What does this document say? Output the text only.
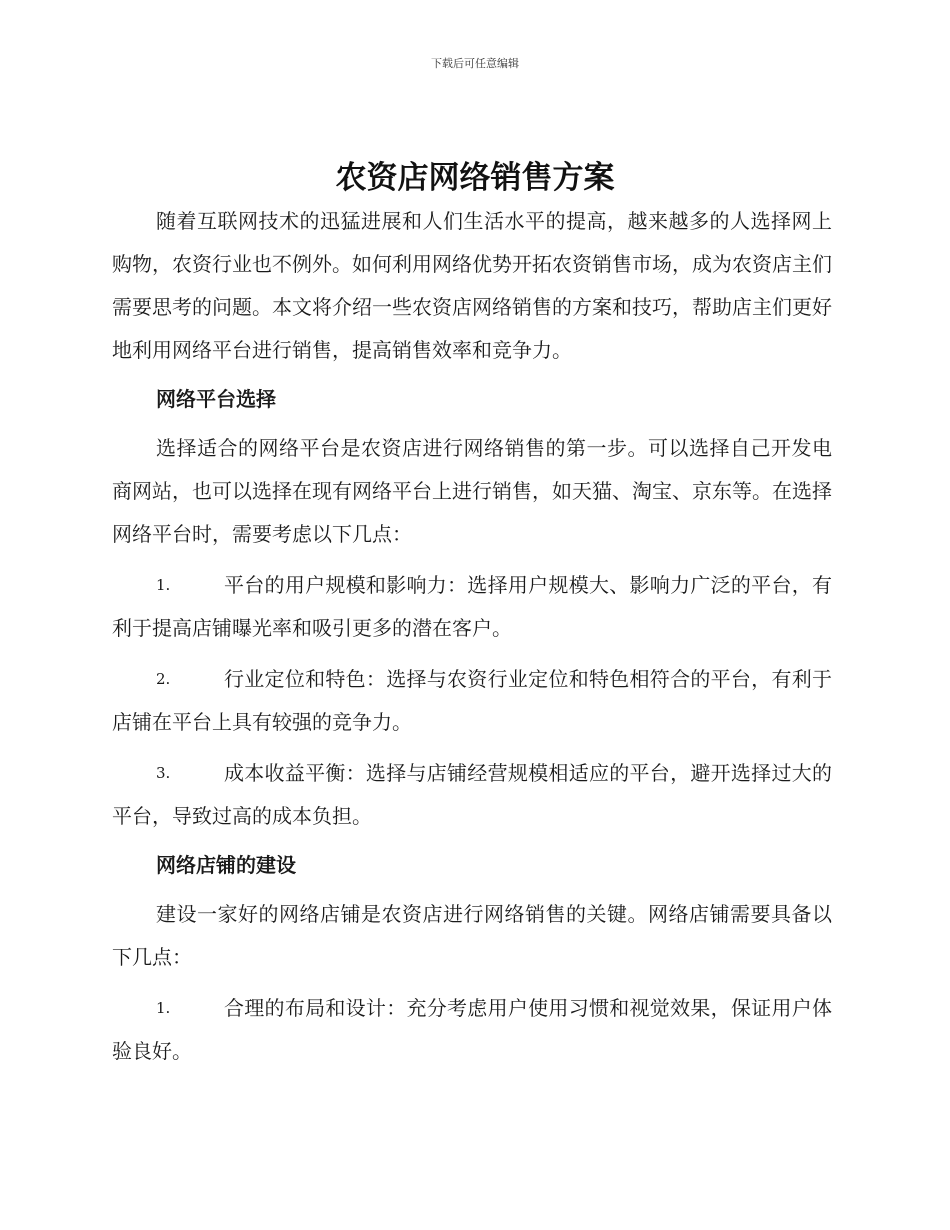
下载后可任意编辑
农资店网络销售方案

随着互联网技术的迅猛进展和人们生活水平的提高，越来越多的人选择网上购物，农资行业也不例外。如何利用网络优势开拓农资销售市场，成为农资店主们需要思考的问题。本文将介绍一些农资店网络销售的方案和技巧，帮助店主们更好地利用网络平台进行销售，提高销售效率和竞争力。

网络平台选择

选择适合的网络平台是农资店进行网络销售的第一步。可以选择自己开发电商网站，也可以选择在现有网络平台上进行销售，如天猫、淘宝、京东等。在选择网络平台时，需要考虑以下几点：

1.	平台的用户规模和影响力：选择用户规模大、影响力广泛的平台，有利于提高店铺曝光率和吸引更多的潜在客户。
2.	行业定位和特色：选择与农资行业定位和特色相符合的平台，有利于店铺在平台上具有较强的竞争力。
3.	成本收益平衡：选择与店铺经营规模相适应的平台，避开选择过大的平台，导致过高的成本负担。

网络店铺的建设

建设一家好的网络店铺是农资店进行网络销售的关键。网络店铺需要具备以下几点：

1.	合理的布局和设计：充分考虑用户使用习惯和视觉效果，保证用户体验良好。
